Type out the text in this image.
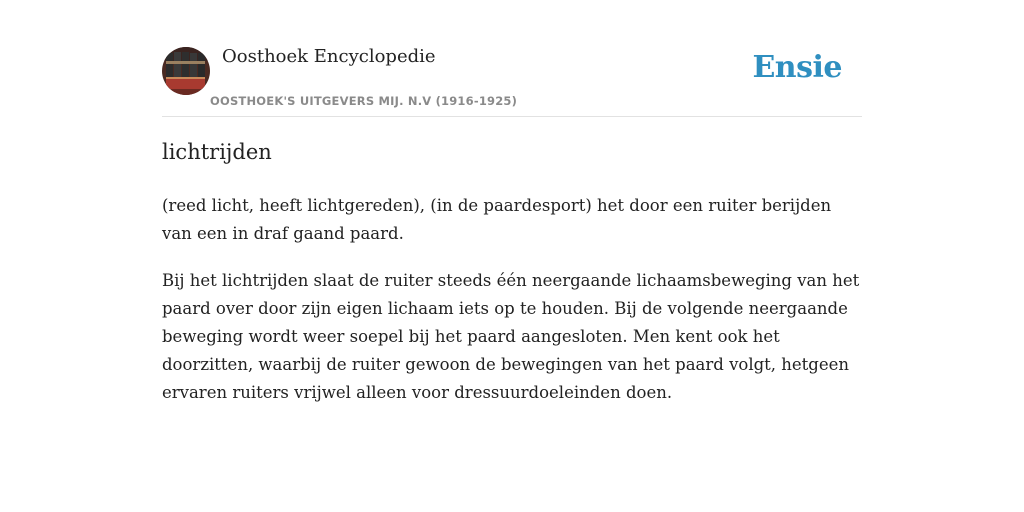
Oosthoek Encyclopedie
OOSTHOEK'S UITGEVERS MIJ. N.V (1916-1925)
Ensie
lichtrijden

(reed licht, heeft lichtgereden), (in de paardesport) het door een ruiter berijden van een in draf gaand paard.

Bij het lichtrijden slaat de ruiter steeds één neergaande lichaamsbeweging van het paard over door zijn eigen lichaam iets op te houden. Bij de volgende neergaande beweging wordt weer soepel bij het paard aangesloten. Men kent ook het doorzitten, waarbij de ruiter gewoon de bewegingen van het paard volgt, hetgeen ervaren ruiters vrijwel alleen voor dressuurdoeleinden doen.
